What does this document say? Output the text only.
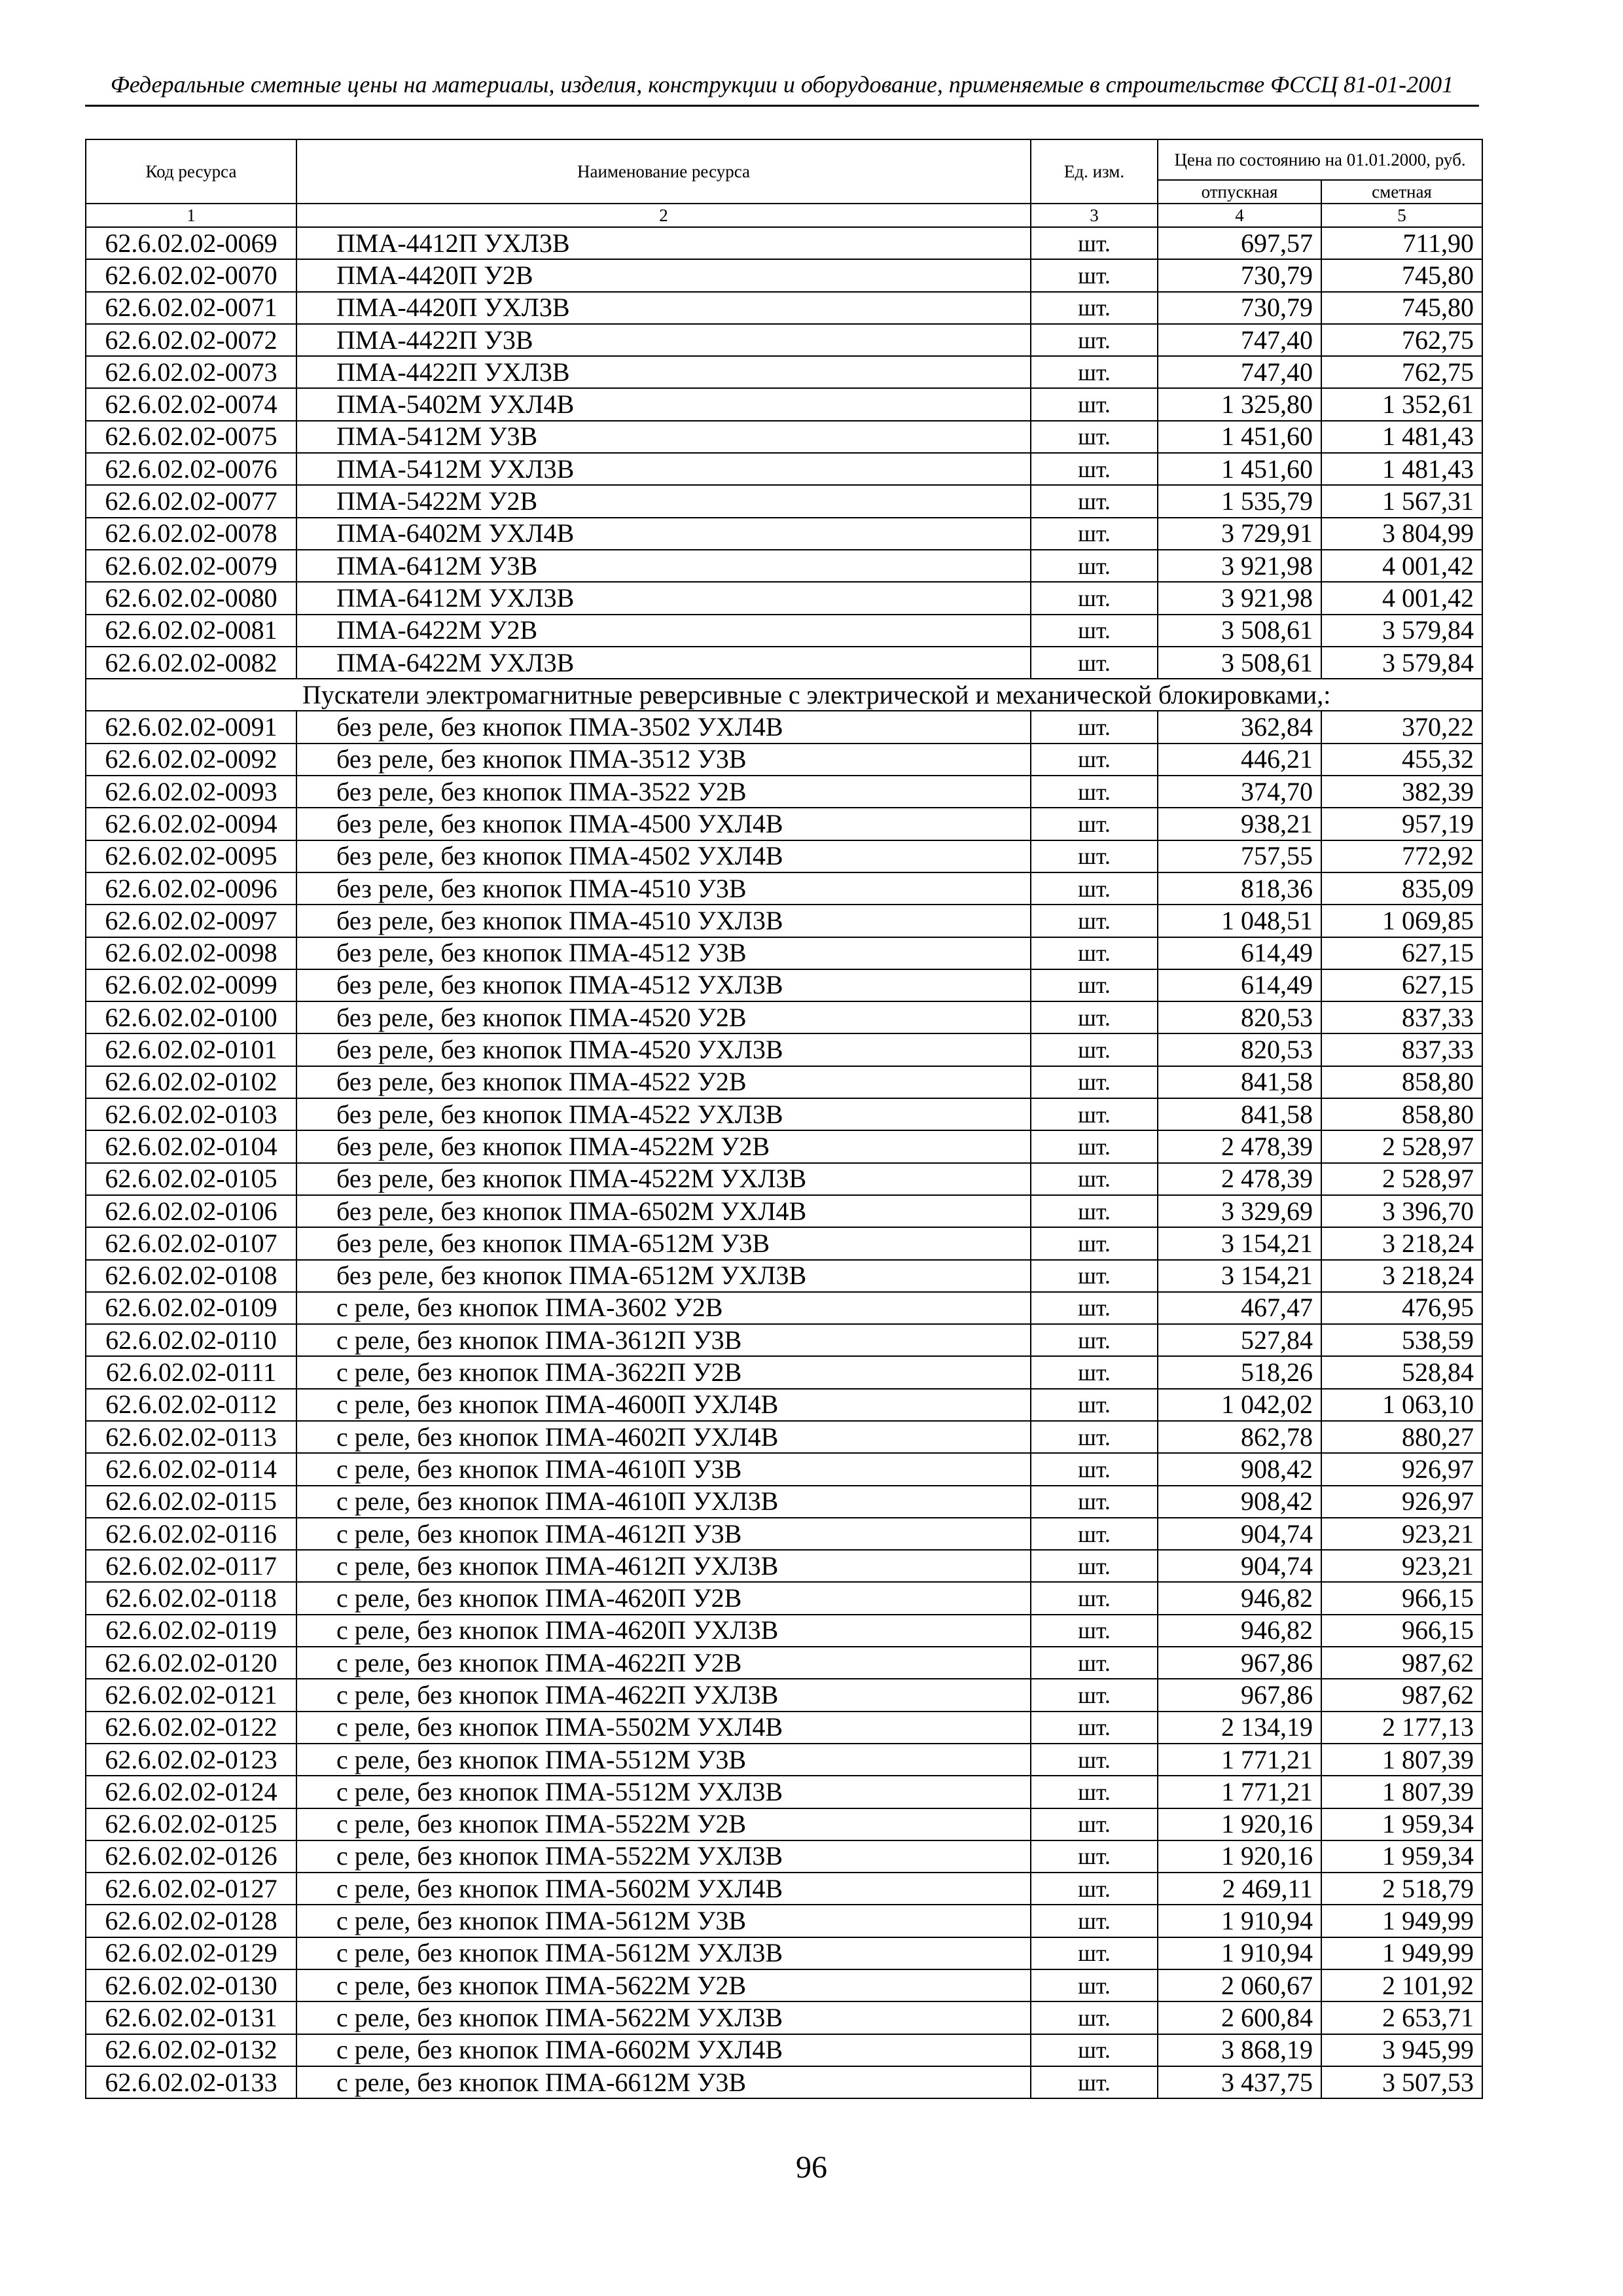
Федеральные сметные цены на материалы, изделия, конструкции и оборудование, применяемые в строительстве ФССЦ 81-01-2001
Код ресурса	Наименование ресурса	Ед. изм.	Цена по состоянию на 01.01.2000, руб.	
			отпускная	сметная
1	2	3	4	5
62.6.02.02-0069	ПМА-4412П УХЛ3В	шт.	697,57	711,90
62.6.02.02-0070	ПМА-4420П У2В	шт.	730,79	745,80
62.6.02.02-0071	ПМА-4420П УХЛ3В	шт.	730,79	745,80
62.6.02.02-0072	ПМА-4422П У3В	шт.	747,40	762,75
62.6.02.02-0073	ПМА-4422П УХЛ3В	шт.	747,40	762,75
62.6.02.02-0074	ПМА-5402М УХЛ4В	шт.	1 325,80	1 352,61
62.6.02.02-0075	ПМА-5412М У3В	шт.	1 451,60	1 481,43
62.6.02.02-0076	ПМА-5412М УХЛ3В	шт.	1 451,60	1 481,43
62.6.02.02-0077	ПМА-5422М У2В	шт.	1 535,79	1 567,31
62.6.02.02-0078	ПМА-6402М УХЛ4В	шт.	3 729,91	3 804,99
62.6.02.02-0079	ПМА-6412М У3В	шт.	3 921,98	4 001,42
62.6.02.02-0080	ПМА-6412М УХЛ3В	шт.	3 921,98	4 001,42
62.6.02.02-0081	ПМА-6422М У2В	шт.	3 508,61	3 579,84
62.6.02.02-0082	ПМА-6422М УХЛ3В	шт.	3 508,61	3 579,84
Пускатели электромагнитные реверсивные с электрической и механической блокировками,:				
62.6.02.02-0091	без реле, без кнопок ПМА-3502 УХЛ4В	шт.	362,84	370,22
62.6.02.02-0092	без реле, без кнопок ПМА-3512 У3В	шт.	446,21	455,32
62.6.02.02-0093	без реле, без кнопок ПМА-3522 У2В	шт.	374,70	382,39
62.6.02.02-0094	без реле, без кнопок ПМА-4500 УХЛ4В	шт.	938,21	957,19
62.6.02.02-0095	без реле, без кнопок ПМА-4502 УХЛ4В	шт.	757,55	772,92
62.6.02.02-0096	без реле, без кнопок ПМА-4510 У3В	шт.	818,36	835,09
62.6.02.02-0097	без реле, без кнопок ПМА-4510 УХЛ3В	шт.	1 048,51	1 069,85
62.6.02.02-0098	без реле, без кнопок ПМА-4512 У3В	шт.	614,49	627,15
62.6.02.02-0099	без реле, без кнопок ПМА-4512 УХЛ3В	шт.	614,49	627,15
62.6.02.02-0100	без реле, без кнопок ПМА-4520 У2В	шт.	820,53	837,33
62.6.02.02-0101	без реле, без кнопок ПМА-4520 УХЛ3В	шт.	820,53	837,33
62.6.02.02-0102	без реле, без кнопок ПМА-4522 У2В	шт.	841,58	858,80
62.6.02.02-0103	без реле, без кнопок ПМА-4522 УХЛ3В	шт.	841,58	858,80
62.6.02.02-0104	без реле, без кнопок ПМА-4522М У2В	шт.	2 478,39	2 528,97
62.6.02.02-0105	без реле, без кнопок ПМА-4522М УХЛ3В	шт.	2 478,39	2 528,97
62.6.02.02-0106	без реле, без кнопок ПМА-6502М УХЛ4В	шт.	3 329,69	3 396,70
62.6.02.02-0107	без реле, без кнопок ПМА-6512М У3В	шт.	3 154,21	3 218,24
62.6.02.02-0108	без реле, без кнопок ПМА-6512М УХЛ3В	шт.	3 154,21	3 218,24
62.6.02.02-0109	с реле, без кнопок ПМА-3602 У2В	шт.	467,47	476,95
62.6.02.02-0110	с реле, без кнопок ПМА-3612П У3В	шт.	527,84	538,59
62.6.02.02-0111	с реле, без кнопок ПМА-3622П У2В	шт.	518,26	528,84
62.6.02.02-0112	с реле, без кнопок ПМА-4600П УХЛ4В	шт.	1 042,02	1 063,10
62.6.02.02-0113	с реле, без кнопок ПМА-4602П УХЛ4В	шт.	862,78	880,27
62.6.02.02-0114	с реле, без кнопок ПМА-4610П У3В	шт.	908,42	926,97
62.6.02.02-0115	с реле, без кнопок ПМА-4610П УХЛ3В	шт.	908,42	926,97
62.6.02.02-0116	с реле, без кнопок ПМА-4612П У3В	шт.	904,74	923,21
62.6.02.02-0117	с реле, без кнопок ПМА-4612П УХЛ3В	шт.	904,74	923,21
62.6.02.02-0118	с реле, без кнопок ПМА-4620П У2В	шт.	946,82	966,15
62.6.02.02-0119	с реле, без кнопок ПМА-4620П УХЛ3В	шт.	946,82	966,15
62.6.02.02-0120	с реле, без кнопок ПМА-4622П У2В	шт.	967,86	987,62
62.6.02.02-0121	с реле, без кнопок ПМА-4622П УХЛ3В	шт.	967,86	987,62
62.6.02.02-0122	с реле, без кнопок ПМА-5502М УХЛ4В	шт.	2 134,19	2 177,13
62.6.02.02-0123	с реле, без кнопок ПМА-5512М У3В	шт.	1 771,21	1 807,39
62.6.02.02-0124	с реле, без кнопок ПМА-5512М УХЛ3В	шт.	1 771,21	1 807,39
62.6.02.02-0125	с реле, без кнопок ПМА-5522М У2В	шт.	1 920,16	1 959,34
62.6.02.02-0126	с реле, без кнопок ПМА-5522М УХЛ3В	шт.	1 920,16	1 959,34
62.6.02.02-0127	с реле, без кнопок ПМА-5602М УХЛ4В	шт.	2 469,11	2 518,79
62.6.02.02-0128	с реле, без кнопок ПМА-5612М У3В	шт.	1 910,94	1 949,99
62.6.02.02-0129	с реле, без кнопок ПМА-5612М УХЛ3В	шт.	1 910,94	1 949,99
62.6.02.02-0130	с реле, без кнопок ПМА-5622М У2В	шт.	2 060,67	2 101,92
62.6.02.02-0131	с реле, без кнопок ПМА-5622М УХЛ3В	шт.	2 600,84	2 653,71
62.6.02.02-0132	с реле, без кнопок ПМА-6602М УХЛ4В	шт.	3 868,19	3 945,99
62.6.02.02-0133	с реле, без кнопок ПМА-6612М У3В	шт.	3 437,75	3 507,53
96
